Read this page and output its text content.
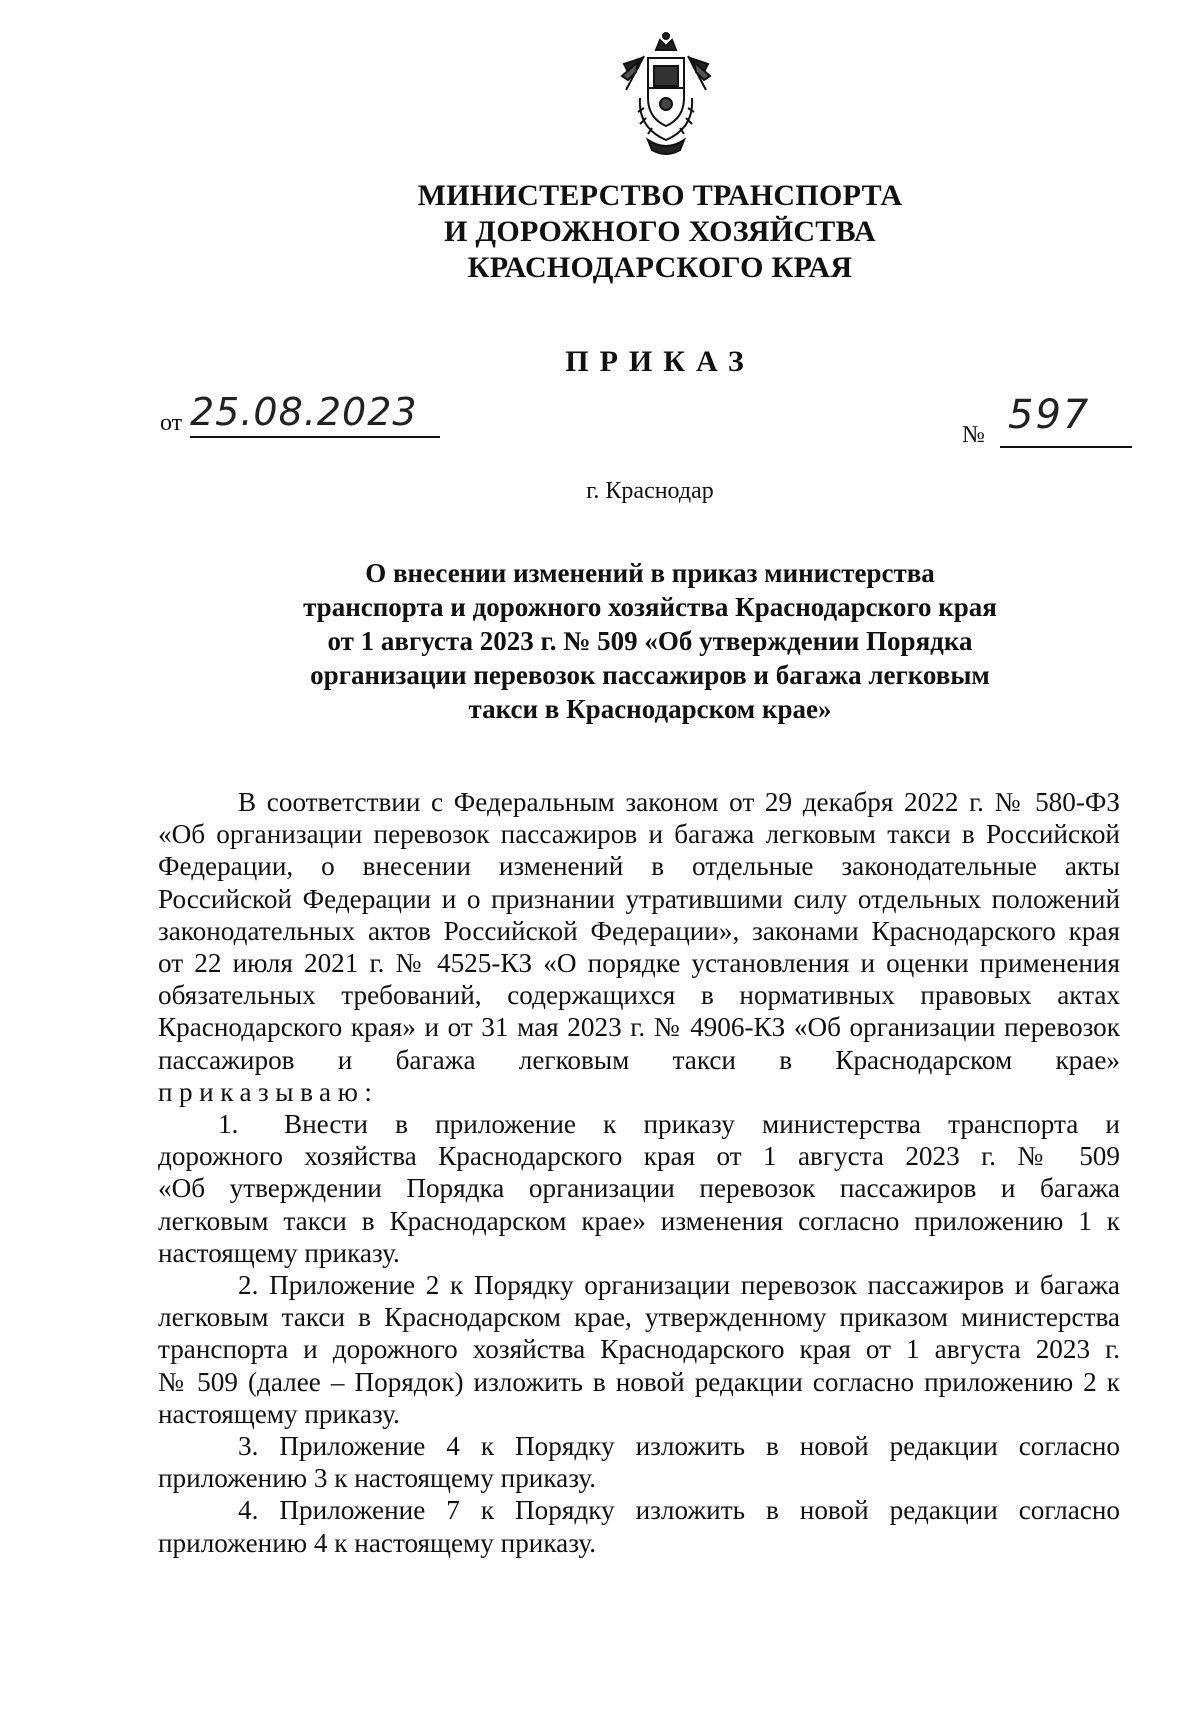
МИНИСТЕРСТВО ТРАНСПОРТА
И ДОРОЖНОГО ХОЗЯЙСТВА
КРАСНОДАРСКОГО КРАЯ
ПРИКАЗ
от 25.08.2023
№ 597
г. Краснодар
О внесении изменений в приказ министерства
транспорта и дорожного хозяйства Краснодарского края
от 1 августа 2023 г. № 509 «Об утверждении Порядка
организации перевозок пассажиров и багажа легковым
такси в Краснодарском крае»
В соответствии с Федеральным законом от 29 декабря 2022 г. № 580-ФЗ
«Об организации перевозок пассажиров и багажа легковым такси в Российской
Федерации, о внесении изменений в отдельные законодательные акты
Российской Федерации и о признании утратившими силу отдельных положений
законодательных актов Российской Федерации», законами Краснодарского края
от 22 июля 2021 г. № 4525-КЗ «О порядке установления и оценки применения
обязательных требований, содержащихся в нормативных правовых актах
Краснодарского края» и от 31 мая 2023 г. № 4906-КЗ «Об организации перевозок
пассажиров и багажа легковым такси в Краснодарском крае»
приказываю:
1. Внести в приложение к приказу министерства транспорта и
дорожного хозяйства Краснодарского края от 1 августа 2023 г. № 509
«Об утверждении Порядка организации перевозок пассажиров и багажа
легковым такси в Краснодарском крае» изменения согласно приложению 1 к
настоящему приказу.
2. Приложение 2 к Порядку организации перевозок пассажиров и багажа
легковым такси в Краснодарском крае, утвержденному приказом министерства
транспорта и дорожного хозяйства Краснодарского края от 1 августа 2023 г.
№ 509 (далее – Порядок) изложить в новой редакции согласно приложению 2 к
настоящему приказу.
3. Приложение 4 к Порядку изложить в новой редакции согласно
приложению 3 к настоящему приказу.
4. Приложение 7 к Порядку изложить в новой редакции согласно
приложению 4 к настоящему приказу.
